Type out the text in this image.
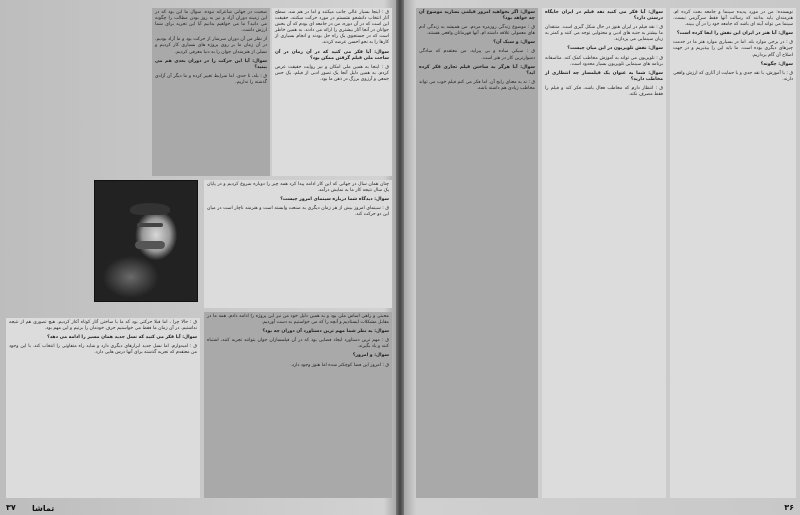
ق : اینجا بسیار عالی جانب میکنند و اما در هم شد. سطح آثار انتخاب دانشجو نشستم در مورد حرکت میکنند، حقیقت این است که در آن دوره، من در جامعه ای بودم که آن بخش جوانان در آنجا آثار بیشتری را ارائه می دادند. به همین خاطر است که در جستجوی یک راه حل بودند و انجام بسیاری از کارها را به نحو احسن عرضه کردند.

سوال: آیا فکر می کنید که در آن زمان در آن ساحت ملی فیلم گرفتن ممکن بود؟

ق : اینجا به همین ملی امکان و نیز روایت حقیقت عرض کردم. به همین دلیل آنجا یک تصور ادبی از فیلم، یک حس جمعی و آرزوی بزرگ در ذهن ما بود.

صحبت در جهانی شاعرانه نبوده. سوال ما این بود که در این زمینه دوران آزاد و نیز به روز بودن مطالب را چگونه می دانید؟ ما می خواهیم بدانیم آیا این تجربه برای شما ارزش داشت.

از نظر من آن دوران سرشار از حرکت بود و ما آزاد بودیم. در آن زمان ما بر روی پروژه های بسیاری کار کردیم و نسلی از هنرمندان جوان را به دنیا معرفی کردیم.

سوال: آیا این حرکت را در دوران بعدی هم می بینید؟

ق : بله، تا حدی. اما شرایط تغییر کرده و ما دیگر آن آزادی گذشته را نداریم.

چنان همان سال در جهانی که این کار ادامه پیدا کرد همه چیز را دوباره شروع کردیم و در پایان یک سال نتیجه کار ما به نمایش درآمد.

سوال: دیدگاه شما درباره سینمای امروز چیست؟

ق : سینمای امروز بیش از هر زمان دیگری به صنعت وابسته است و هنرمند ناچار است در میان این دو حرکت کند.

محبتی و راهی اساس ملی بود و به همین دلیل خود من نیز این پروژه را ادامه دادم. همه ما در مقابل مشکلات ایستادیم و آنچه را که می خواستیم به دست آوردیم.

سوال: به نظر شما مهم ترین دستاورد آن دوران چه بود؟

ق : مهم ترین دستاورد ایجاد فضایی بود که در آن فیلمسازان جوان بتوانند تجربه کنند، اشتباه کنند و یاد بگیرند.

سوال: و امروز؟

ق : امروز این فضا کوچکتر شده اما هنوز وجود دارد.

ق : حالا چرا ، اما قبلا حرکتی بود که ما با ساختن آثار کوتاه آغاز کردیم. هیچ تصوری هم از نتیجه نداشتیم. در آن زمان ما فقط می خواستیم حرف خودمان را بزنیم و این مهم بود.

سوال: آیا فکر می کنید که نسل جدید همان مسیر را ادامه می دهد؟

ق : امیدوارم. اما نسل جدید ابزارهای دیگری دارد و شاید راه متفاوتی را انتخاب کند. با این وجود من معتقدم که تجربه گذشته برای آنها درس هایی دارد.

تماشا
۳۷

نویسنده: من در مورد پدیده سینما و جامعه بحث کرده ام. هنرمندان باید بدانند که رسالت آنها فقط سرگرمی نیست. سینما می تواند آینه ای باشد که جامعه خود را در آن ببیند.

سوال: آیا هنر در ایران این نقش را ایفا کرده است؟

ق : در برخی موارد بله. اما در بسیاری موارد هنر ما در خدمت چیزهای دیگری بوده است. ما باید این را بپذیریم و در جهت اصلاح آن گام برداریم.

سوال: چگونه؟

ق : با آموزش، با نقد جدی و با حمایت از آثاری که ارزش واقعی دارند.

سوال: آیا فکر می کنید نقد فیلم در ایران جایگاه درستی دارد؟

ق : نقد فیلم در ایران هنوز در حال شکل گیری است. منتقدان ما بیشتر به جنبه های ادبی و محتوایی توجه می کنند و کمتر به زبان سینمایی می پردازند.

سوال: نقش تلویزیون در این میان چیست؟

ق : تلویزیون می تواند به آموزش مخاطب کمک کند. متاسفانه برنامه های سینمایی تلویزیون بسیار محدود است.

سوال: شما به عنوان یک فیلمساز چه انتظاری از مخاطب دارید؟

ق : انتظار دارم که مخاطب فعال باشد، فکر کند و فیلم را فقط مصرف نکند.

سوال: اگر بخواهید امروز فیلمی بسازید موضوع آن چه خواهد بود؟

ق : موضوع زندگی روزمره مردم. من همیشه به زندگی آدم های معمولی علاقه داشته ام. آنها قهرمانان واقعی هستند.

سوال: و سبک آن؟

ق : سبکی ساده و بی پیرایه. من معتقدم که سادگی دشوارترین کار در هنر است.

سوال: آیا هرگز به ساختن فیلم تجاری فکر کرده اید؟

ق : نه به معنای رایج آن. اما فکر می کنم فیلم خوب می تواند مخاطب زیادی هم داشته باشد.

۳۶
